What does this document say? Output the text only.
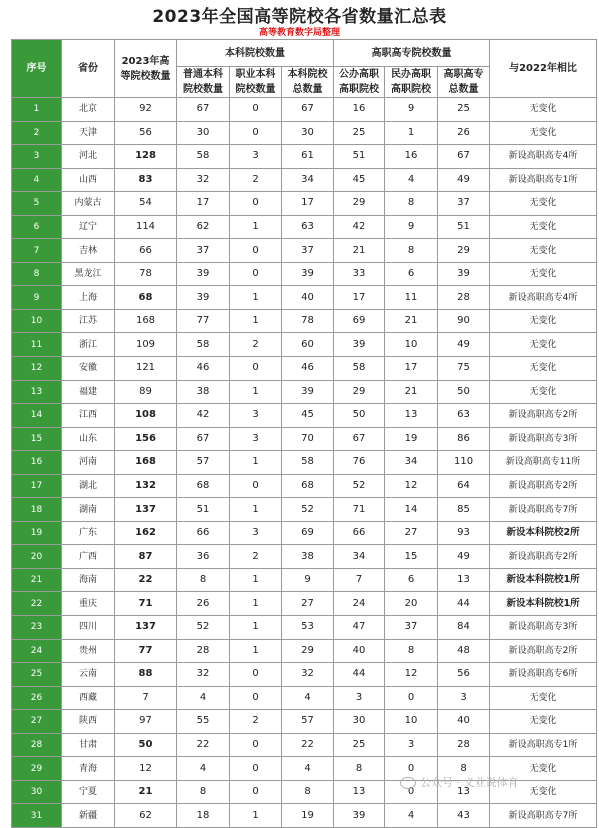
2023年全国高等院校各省数量汇总表
高等教育数字局整理
序号	省份	2023年高等院校数量	本科院校数量			高职高专院校数量			与2022年相比
			普通本科院校数量	职业本科院校数量	本科院校总数量	公办高职高职院校	民办高职高职院校	高职高专总数量	
1	北京	92	67	0	67	16	9	25	无变化
2	天津	56	30	0	30	25	1	26	无变化
3	河北	128	58	3	61	51	16	67	新设高职高专4所
4	山西	83	32	2	34	45	4	49	新设高职高专1所
5	内蒙古	54	17	0	17	29	8	37	无变化
6	辽宁	114	62	1	63	42	9	51	无变化
7	吉林	66	37	0	37	21	8	29	无变化
8	黑龙江	78	39	0	39	33	6	39	无变化
9	上海	68	39	1	40	17	11	28	新设高职高专4所
10	江苏	168	77	1	78	69	21	90	无变化
11	浙江	109	58	2	60	39	10	49	无变化
12	安徽	121	46	0	46	58	17	75	无变化
13	福建	89	38	1	39	29	21	50	无变化
14	江西	108	42	3	45	50	13	63	新设高职高专2所
15	山东	156	67	3	70	67	19	86	新设高职高专3所
16	河南	168	57	1	58	76	34	110	新设高职高专11所
17	湖北	132	68	0	68	52	12	64	新设高职高专2所
18	湖南	137	51	1	52	71	14	85	新设高职高专7所
19	广东	162	66	3	69	66	27	93	新设本科院校2所
20	广西	87	36	2	38	34	15	49	新设高职高专2所
21	海南	22	8	1	9	7	6	13	新设本科院校1所
22	重庆	71	26	1	27	24	20	44	新设本科院校1所
23	四川	137	52	1	53	47	37	84	新设高职高专3所
24	贵州	77	28	1	29	40	8	48	新设高职高专2所
25	云南	88	32	0	32	44	12	56	新设高职高专6所
26	西藏	7	4	0	4	3	0	3	无变化
27	陕西	97	55	2	57	30	10	40	无变化
28	甘肃	50	22	0	22	25	3	28	新设高职高专1所
29	青海	12	4	0	4	8	0	8	无变化
30	宁夏	21	8	0	8	13	0	13	无变化
31	新疆	62	18	1	19	39	4	43	新设高职高专7所
公众号 · 义业说体育
